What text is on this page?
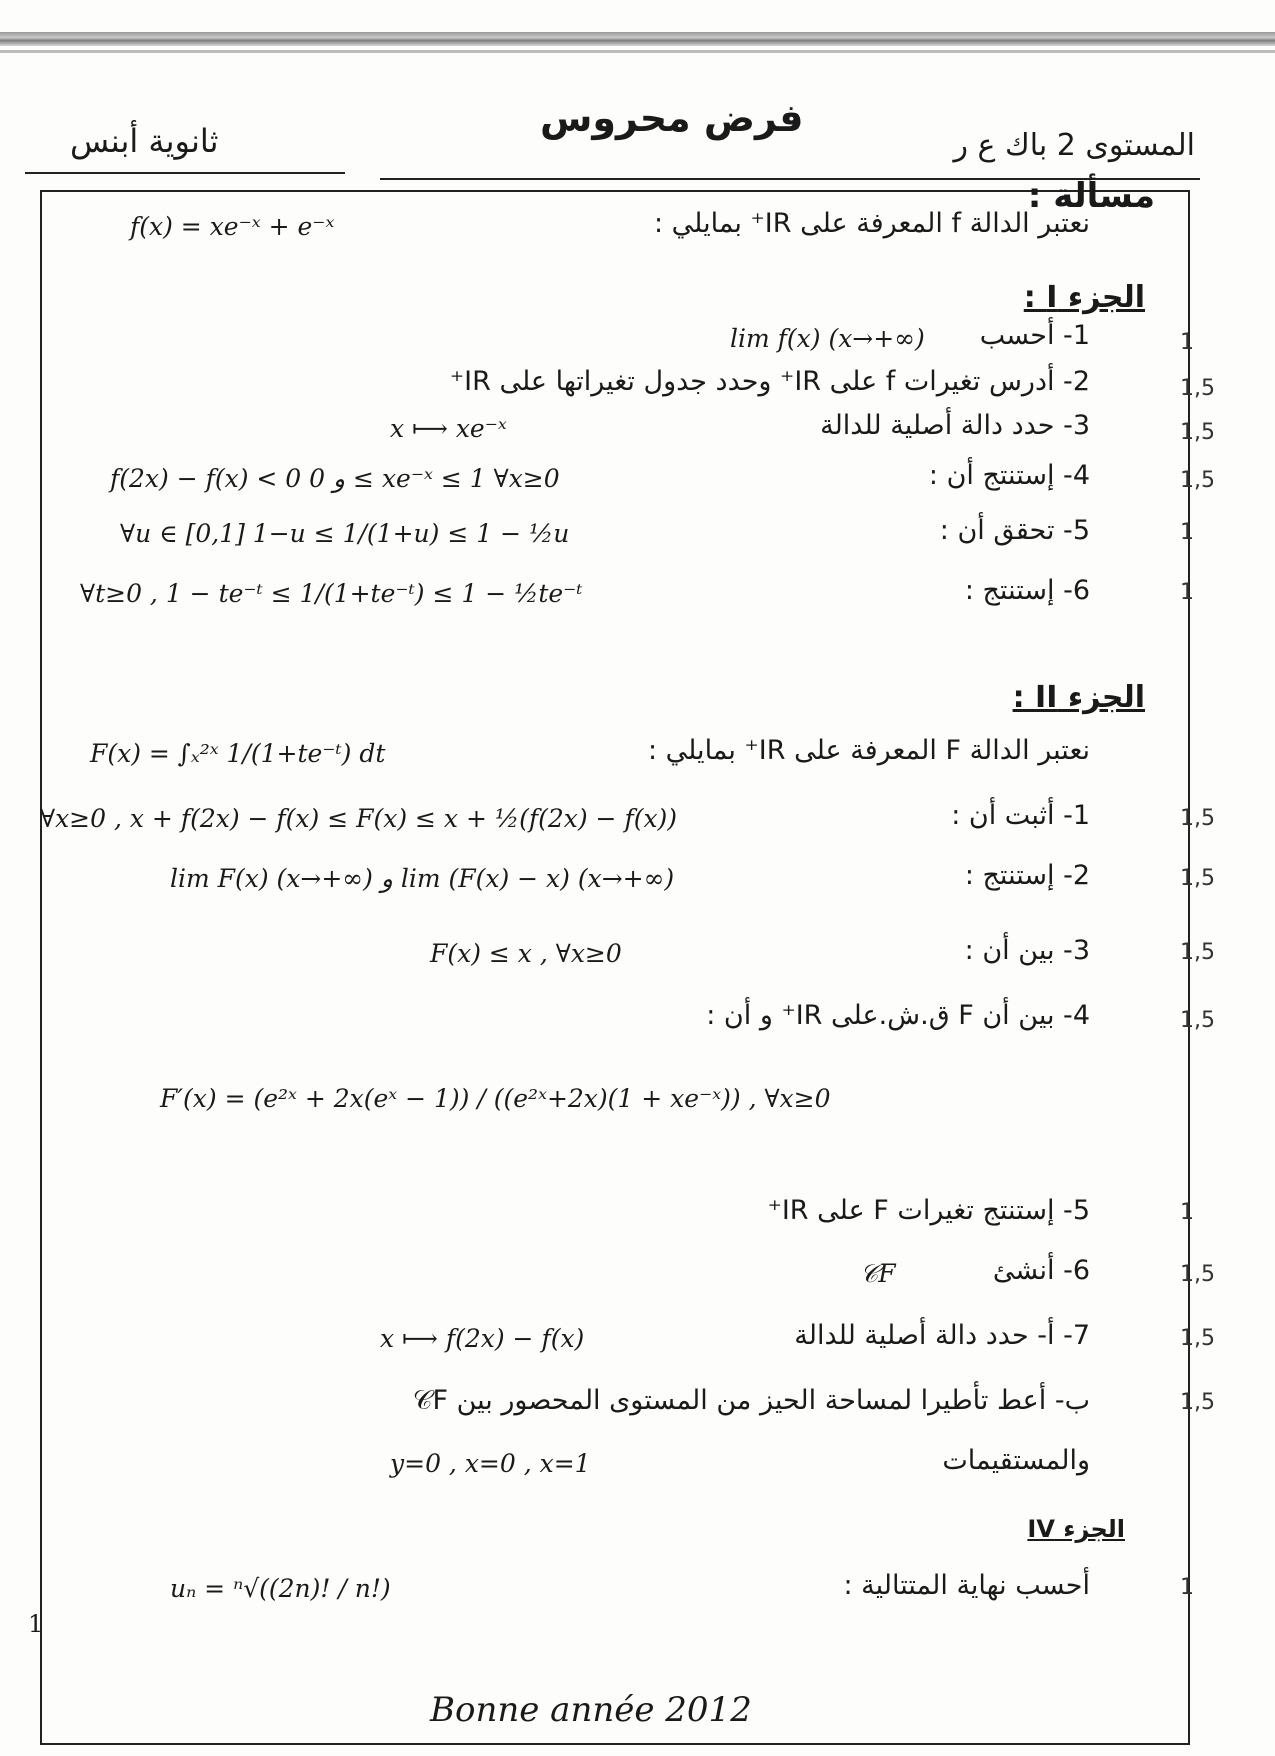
فرض محروس
ثانوية أبنس	المستوى 2 باك ع ر
مسألة :
نعتبر الدالة f المعرفة على IR⁺ بمايلي :
f(x) = xe⁻ˣ + e⁻ˣ
الجزء I :
1- أحسب
lim f(x) (x→+∞)	1
2- أدرس تغيرات f على IR⁺ وحدد جدول تغيراتها على IR⁺	1,5
3- حدد دالة أصلية للدالة
x ⟼ xe⁻ˣ	1,5
4- إستنتج أن :
f(2x) − f(x) < 0 و 0 ≤ xe⁻ˣ ≤ 1 ∀x≥0	1,5
5- تحقق أن :
∀u ∈ [0,1] 1−u ≤ 1/(1+u) ≤ 1 − ½u	1
6- إستنتج :
∀t≥0 , 1 − te⁻ᵗ ≤ 1/(1+te⁻ᵗ) ≤ 1 − ½te⁻ᵗ	1
الجزء II :
نعتبر الدالة F المعرفة على IR⁺ بمايلي :
F(x) = ∫ₓ²ˣ 1/(1+te⁻ᵗ) dt
1- أثبت أن :
∀x≥0 , x + f(2x) − f(x) ≤ F(x) ≤ x + ½(f(2x) − f(x))	1,5
2- إستنتج :
lim F(x) (x→+∞) و lim (F(x) − x) (x→+∞)	1,5
3- بين أن :
F(x) ≤ x , ∀x≥0	1,5
4- بين أن F ق.ش.على IR⁺ و أن :
F′(x) = (e²ˣ + 2x(eˣ − 1)) / ((e²ˣ+2x)(1 + xe⁻ˣ)) , ∀x≥0
1,5
5- إستنتج تغيرات F على IR⁺	1
6- أنشئ
𝒞F	1,5
7- أ- حدد دالة أصلية للدالة
x ⟼ f(2x) − f(x)	1,5
ب- أعط تأطيرا لمساحة الحيز من المستوى المحصور بين 𝒞F	1,5
والمستقيمات
y=0 , x=0 , x=1
الجزء IV
أحسب نهاية المتتالية :
uₙ = ⁿ√((2n)! / n!)	1
1
Bonne année 2012
